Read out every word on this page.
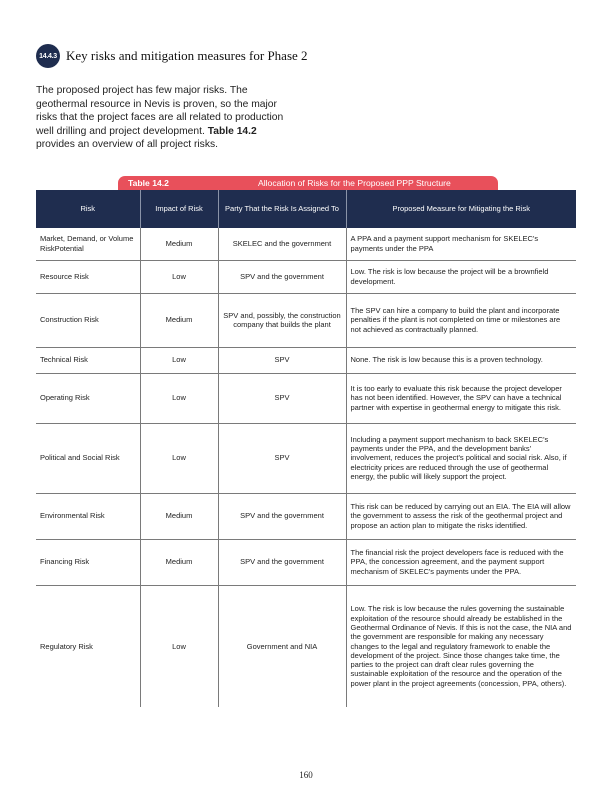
14.4.3 Key risks and mitigation measures for Phase 2

The proposed project has few major risks. The geothermal resource in Nevis is proven, so the major risks that the project faces are all related to production well drilling and project development. Table 14.2 provides an overview of all project risks.

Table 14.2	Allocation of Risks for the Proposed PPP Structure
Risk	Impact of Risk	Party That the Risk Is Assigned To	Proposed Measure for Mitigating the Risk
Market, Demand, or Volume RiskPotential	Medium	SKELEC and the government	A PPA and a payment support mechanism for SKELEC's payments under the PPA
Resource Risk	Low	SPV and the government	Low. The risk is low because the project will be a brownfield development.
Construction Risk	Medium	SPV and, possibly, the construction company that builds the plant	The SPV can hire a company to build the plant and incorporate penalties if the plant is not completed on time or milestones are not achieved as contractually planned.
Technical Risk	Low	SPV	None. The risk is low because this is a proven technology.
Operating Risk	Low	SPV	It is too early to evaluate this risk because the project developer has not been identified. However, the SPV can have a technical partner with expertise in geothermal energy to mitigate this risk.
Political and Social Risk	Low	SPV	Including a payment support mechanism to back SKELEC's payments under the PPA, and the development banks' involvement, reduces the project's political and social risk. Also, if electricity prices are reduced through the use of geothermal energy, the public will likely support the project.
Environmental Risk	Medium	SPV and the government	This risk can be reduced by carrying out an EIA. The EIA will allow the government to assess the risk of the geothermal project and propose an action plan to mitigate the risks identified.
Financing Risk	Medium	SPV and the government	The financial risk the project developers face is reduced with the PPA, the concession agreement, and the payment support mechanism of SKELEC's payments under the PPA.
Regulatory Risk	Low	Government and NIA	Low. The risk is low because the rules governing the sustainable exploitation of the resource should already be established in the Geothermal Ordinance of Nevis. If this is not the case, the NIA and the government are responsible for making any necessary changes to the legal and regulatory framework to enable the development of the project. Since those changes take time, the parties to the project can draft clear rules governing the sustainable exploitation of the resource and the operation of the power plant in the project agreements (concession, PPA, others).
160
